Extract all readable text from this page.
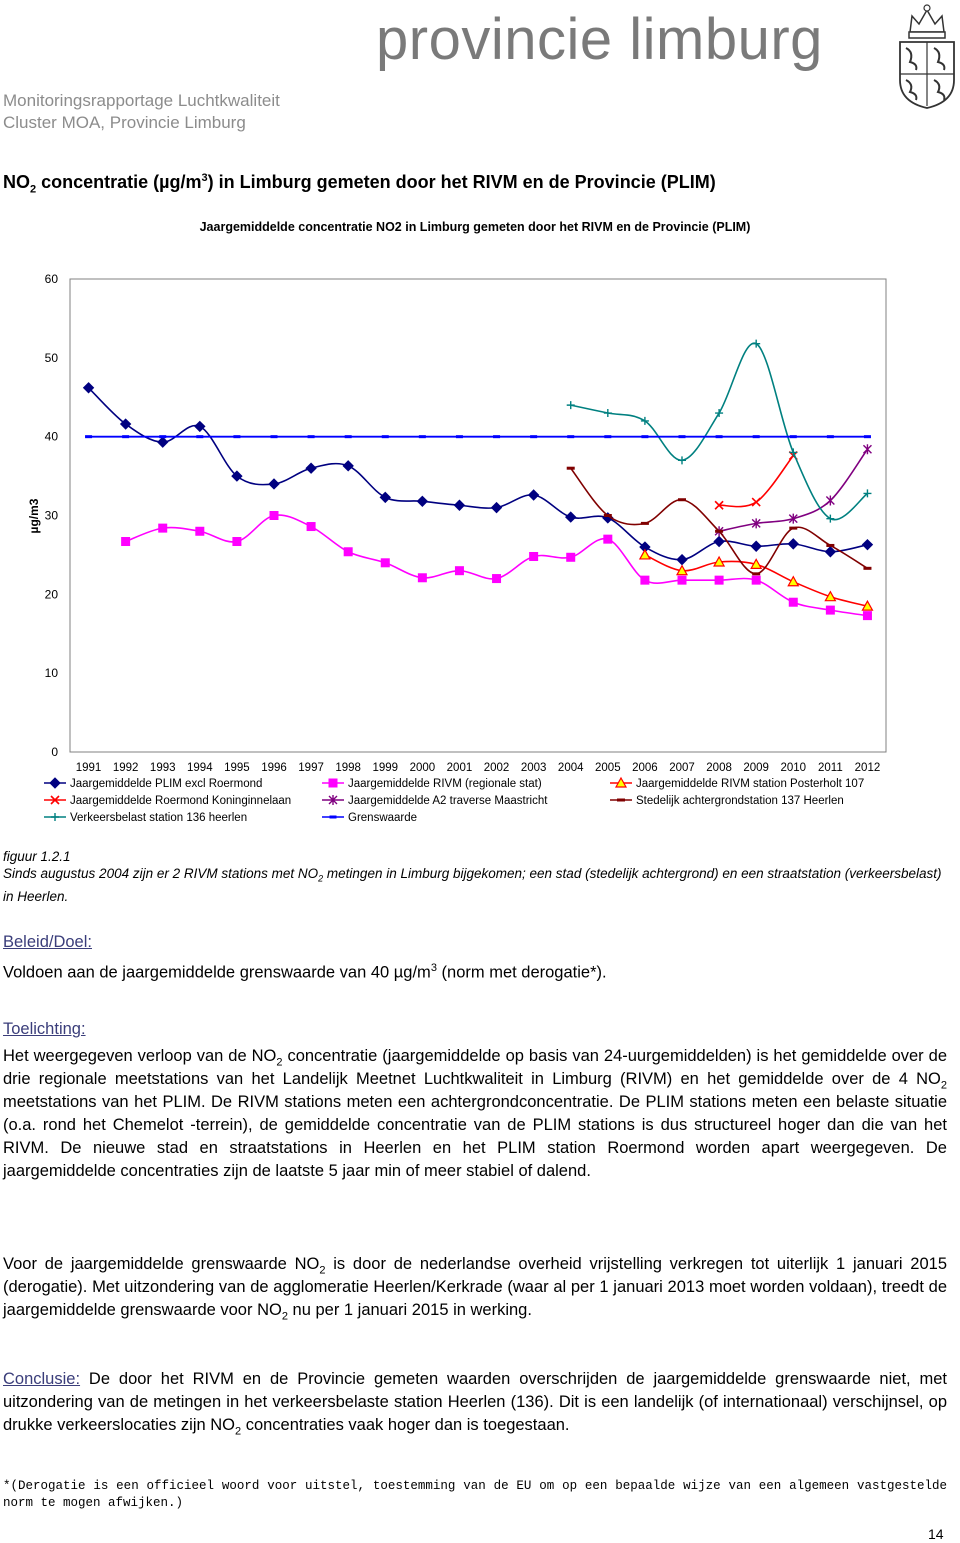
provincie limburg
Monitoringsrapportage Luchtkwaliteit
Cluster MOA, Provincie Limburg
$NO_2$ concentratie $(\mu g/m^3)$ in Limburg gemeten door het RIVM en de Provincie (PLIM)
Jaargemiddelde concentratie NO2 in Limburg gemeten door het RIVM en de Provincie (PLIM)
µg/m3
0
10
20
30
40
50
60
1991 1992 1993 1994 1995 1996 1997 1998 1999 2000 2001 2002 2003 2004 2005 2006 2007 2008 2009 2010 2011 2012
Jaargemiddelde PLIM excl Roermond	Jaargemiddelde RIVM (regionale stat)	Jaargemiddelde RIVM station Posterholt 107
Jaargemiddelde Roermond Koninginnelaan	Jaargemiddelde A2 traverse Maastricht	Stedelijk achtergrondstation 137 Heerlen
Verkeersbelast station 136 heerlen	Grenswaarde
figuur 1.2.1
Sinds augustus 2004 zijn er 2 RIVM stations met $NO_2$ metingen in Limburg bijgekomen; een stad (stedelijk achtergrond) en een straatstation (verkeersbelast) in Heerlen.
Beleid/Doel:
Voldoen aan de jaargemiddelde grenswaarde van 40 $\mu g/m^3$ (norm met derogatie*).
Toelichting:
Het weergegeven verloop van de $NO_2$ concentratie (jaargemiddelde op basis van 24-uurgemiddelden) is het gemiddelde over de drie regionale meetstations van het Landelijk Meetnet Luchtkwaliteit in Limburg (RIVM) en het gemiddelde over de 4 $NO_2$ meetstations van het PLIM. De RIVM stations meten een achtergrondconcentratie. De PLIM stations meten een belaste situatie (o.a. rond het Chemelot -terrein), de gemiddelde concentratie van de PLIM stations is dus structureel hoger dan die van het RIVM. De nieuwe stad en straatstations in Heerlen en het PLIM station Roermond worden apart weergegeven. De jaargemiddelde concentraties zijn de laatste 5 jaar min of meer stabiel of dalend.
Voor de jaargemiddelde grenswaarde $NO_2$ is door de nederlandse overheid vrijstelling verkregen tot uiterlijk 1 januari 2015 (derogatie). Met uitzondering van de agglomeratie Heerlen/Kerkrade (waar al per 1 januari 2013 moet worden voldaan), treedt de jaargemiddelde grenswaarde voor $NO_2$ nu per 1 januari 2015 in werking.
Conclusie: De door het RIVM en de Provincie gemeten waarden overschrijden de jaargemiddelde grenswaarde niet, met uitzondering van de metingen in het verkeersbelaste station Heerlen (136). Dit is een landelijk (of internationaal) verschijnsel, op drukke verkeerslocaties zijn $NO_2$ concentraties vaak hoger dan is toegestaan.
*(Derogatie is een officieel woord voor uitstel, toestemming van de EU om op een bepaalde wijze van een algemeen vastgestelde norm te mogen afwijken.)
14
